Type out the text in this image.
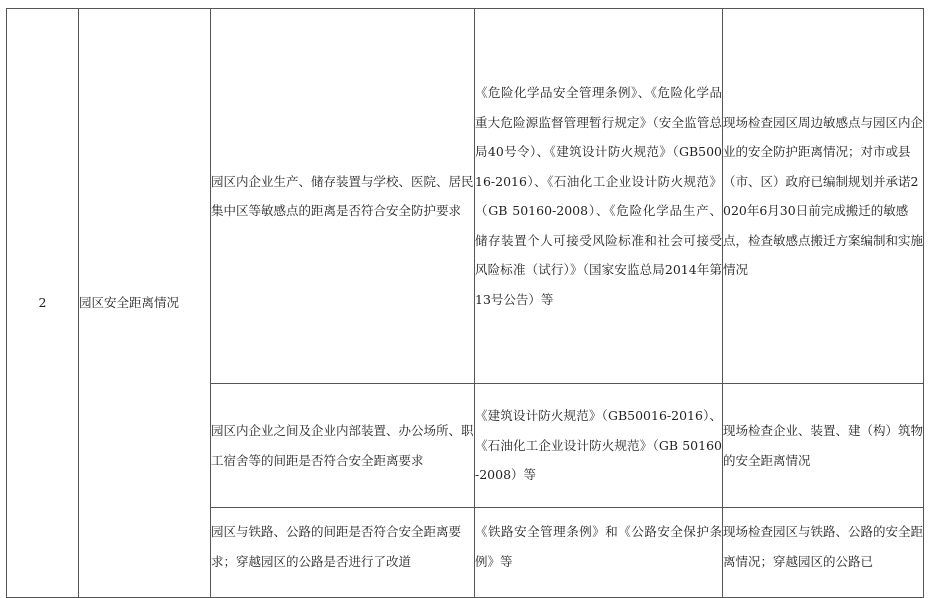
2	园区安全距离情况	园区内企业生产、储存装置与学校、医院、居民集中区等敏感点的距离是否符合安全防护要求	《危险化学品安全管理条例》、《危险化学品重大危险源监督管理暂行规定》（安全监管总局40号令）、《建筑设计防火规范》（GB50016-2016）、《石油化工企业设计防火规范》（GB 50160-2008）、《危险化学品生产、储存装置个人可接受风险标准和社会可接受风险标准（试行）》（国家安监总局2014年第13号公告）等	现场检查园区周边敏感点与园区内企业的安全防护距离情况；对市或县（市、区）政府已编制规划并承诺2020年6月30日前完成搬迁的敏感点，检查敏感点搬迁方案编制和实施情况

		园区内企业之间及企业内部装置、办公场所、职工宿舍等的间距是否符合安全距离要求	《建筑设计防火规范》（GB50016-2016）、《石油化工企业设计防火规范》（GB 50160-2008）等	现场检查企业、装置、建（构）筑物的安全距离情况

		园区与铁路、公路的间距是否符合安全距离要求；穿越园区的公路是否进行了改道	《铁路安全管理条例》和《公路安全保护条例》等	现场检查园区与铁路、公路的安全距离情况；穿越园区的公路已
